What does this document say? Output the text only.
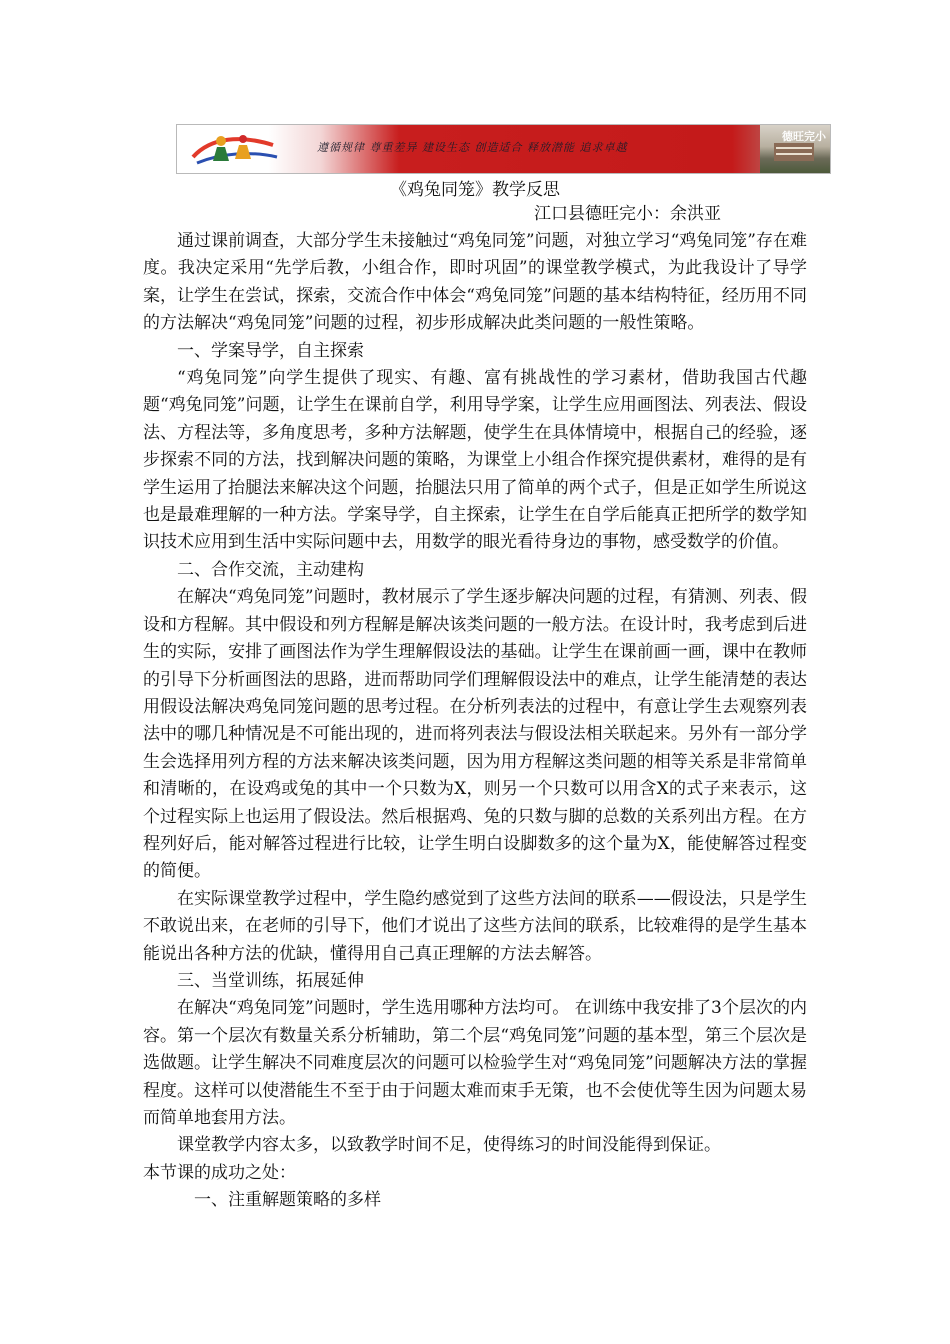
遵循规律 尊重差异 建设生态 创造适合 释放潜能 追求卓越
德旺完小
《鸡兔同笼》教学反思
江口县德旺完小：余洪亚

通过课前调查，大部分学生未接触过“鸡兔同笼”问题，对独立学习“鸡兔同笼”存在难度。我决定采用“先学后教，小组合作，即时巩固”的课堂教学模式，为此我设计了导学案，让学生在尝试，探索，交流合作中体会“鸡兔同笼”问题的基本结构特征，经历用不同的方法解决“鸡兔同笼”问题的过程，初步形成解决此类问题的一般性策略。

一、学案导学，自主探索

“鸡兔同笼”向学生提供了现实、有趣、富有挑战性的学习素材，借助我国古代趣题“鸡兔同笼”问题，让学生在课前自学，利用导学案，让学生应用画图法、列表法、假设法、方程法等，多角度思考，多种方法解题，使学生在具体情境中，根据自己的经验，逐步探索不同的方法，找到解决问题的策略，为课堂上小组合作探究提供素材，难得的是有学生运用了抬腿法来解决这个问题，抬腿法只用了简单的两个式子，但是正如学生所说这也是最难理解的一种方法。学案导学，自主探索，让学生在自学后能真正把所学的数学知识技术应用到生活中实际问题中去，用数学的眼光看待身边的事物，感受数学的价值。

二、合作交流，主动建构

在解决“鸡兔同笼”问题时，教材展示了学生逐步解决问题的过程，有猜测、列表、假设和方程解。其中假设和列方程解是解决该类问题的一般方法。在设计时，我考虑到后进生的实际，安排了画图法作为学生理解假设法的基础。让学生在课前画一画，课中在教师的引导下分析画图法的思路，进而帮助同学们理解假设法中的难点，让学生能清楚的表达用假设法解决鸡兔同笼问题的思考过程。在分析列表法的过程中，有意让学生去观察列表法中的哪几种情况是不可能出现的，进而将列表法与假设法相关联起来。另外有一部分学生会选择用列方程的方法来解决该类问题，因为用方程解这类问题的相等关系是非常简单和清晰的，在设鸡或兔的其中一个只数为X，则另一个只数可以用含X的式子来表示，这个过程实际上也运用了假设法。然后根据鸡、兔的只数与脚的总数的关系列出方程。在方程列好后，能对解答过程进行比较，让学生明白设脚数多的这个量为X，能使解答过程变的简便。

在实际课堂教学过程中，学生隐约感觉到了这些方法间的联系——假设法，只是学生不敢说出来，在老师的引导下，他们才说出了这些方法间的联系，比较难得的是学生基本能说出各种方法的优缺，懂得用自己真正理解的方法去解答。

三、当堂训练，拓展延伸

在解决“鸡兔同笼”问题时，学生选用哪种方法均可。 在训练中我安排了3个层次的内容。第一个层次有数量关系分析辅助，第二个层“鸡兔同笼”问题的基本型，第三个层次是选做题。让学生解决不同难度层次的问题可以检验学生对“鸡兔同笼”问题解决方法的掌握程度。这样可以使潜能生不至于由于问题太难而束手无策，也不会使优等生因为问题太易而简单地套用方法。

课堂教学内容太多，以致教学时间不足，使得练习的时间没能得到保证。

本节课的成功之处：

一、注重解题策略的多样
